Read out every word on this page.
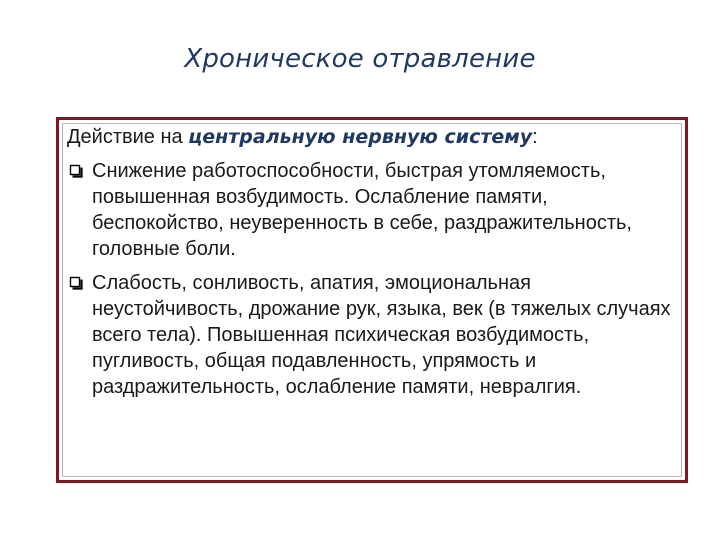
Хроническое отравление

Действие на центральную нервную систему:

Снижение работоспособности, быстрая утомляемость, повышенная возбудимость. Ослабление памяти, беспокойство, неуверенность в себе, раздражительность, головные боли.
Слабость, сонливость, апатия, эмоциональная неустойчивость, дрожание рук, языка, век (в тяжелых случаях всего тела). Повышенная психическая возбудимость, пугливость, общая подавленность, упрямость и раздражительность, ослабление памяти, невралгия.
